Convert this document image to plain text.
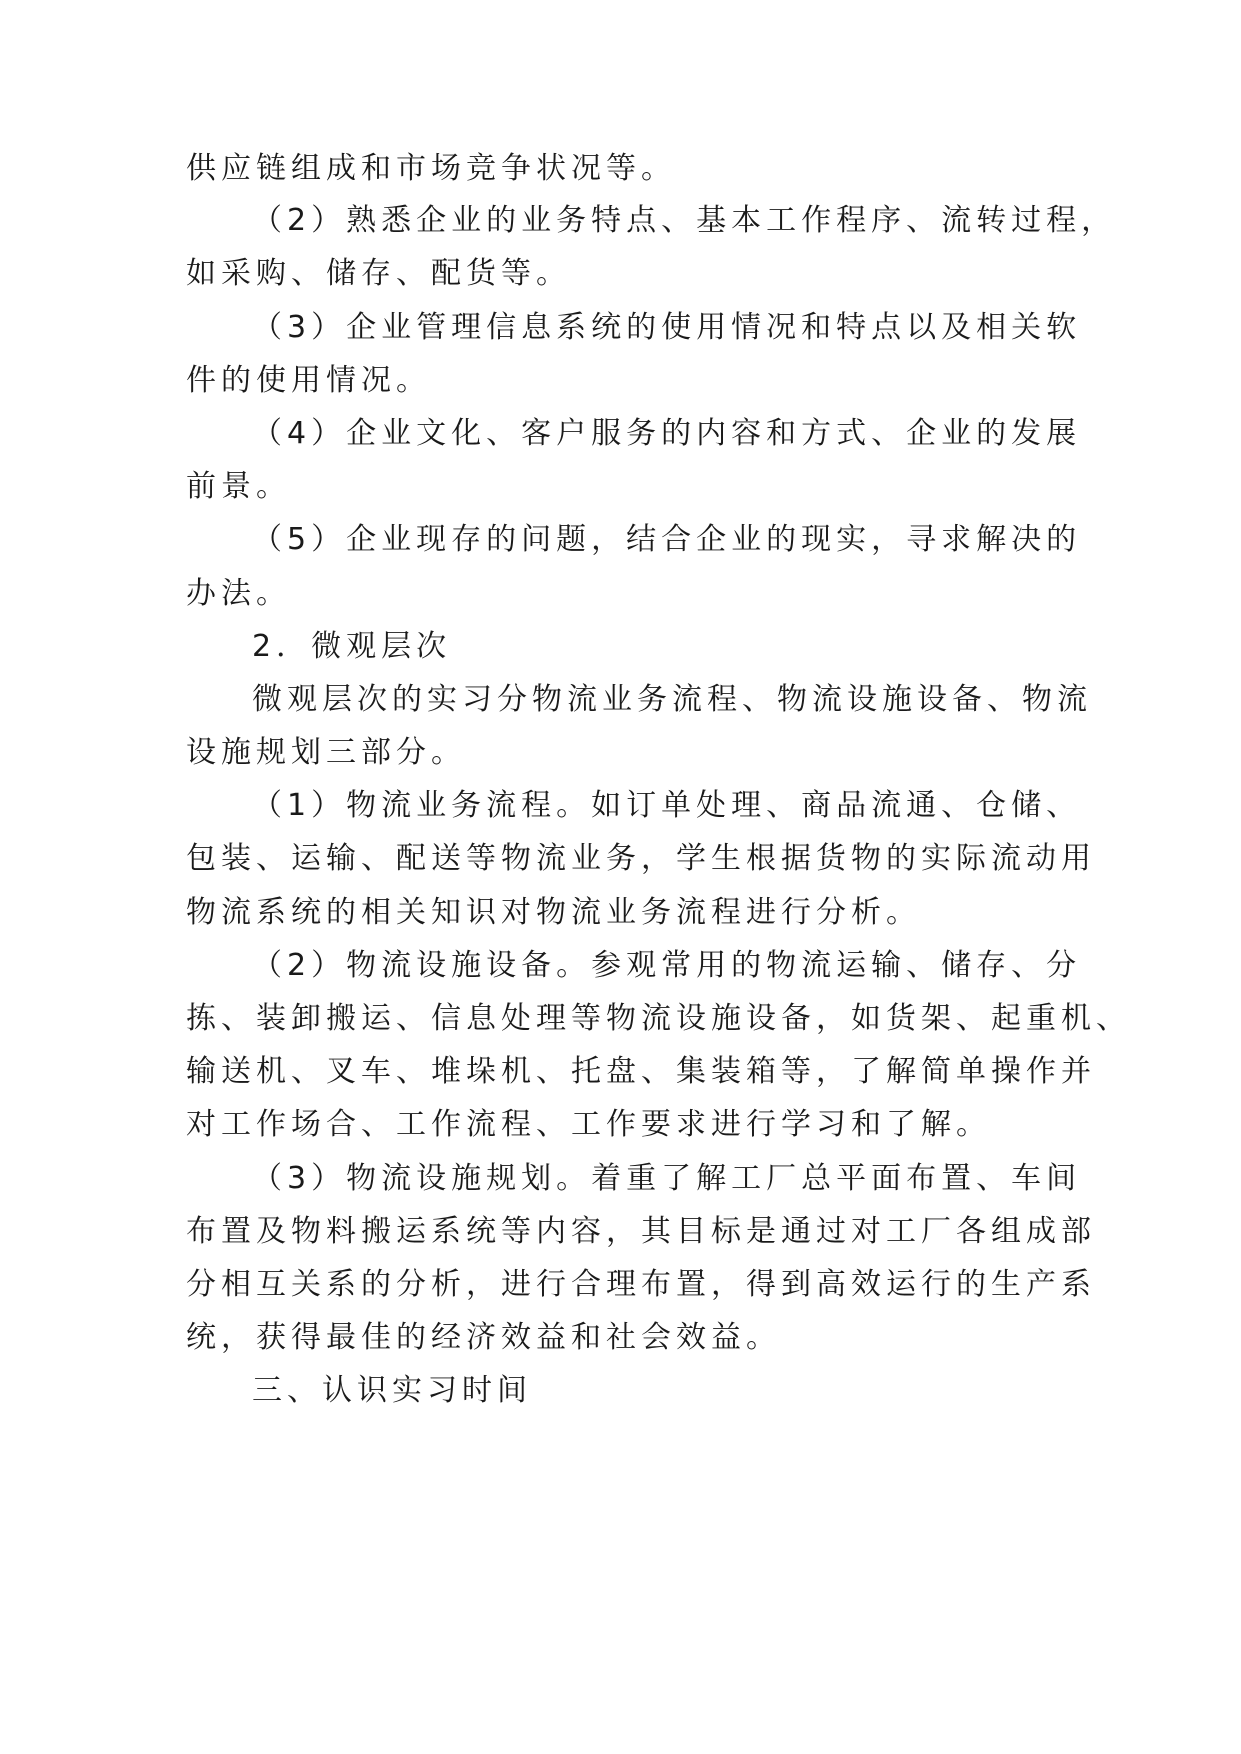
供应链组成和市场竞争状况等。
（2）熟悉企业的业务特点、基本工作程序、流转过程，
如采购、储存、配货等。
（3）企业管理信息系统的使用情况和特点以及相关软
件的使用情况。
（4）企业文化、客户服务的内容和方式、企业的发展
前景。
（5）企业现存的问题，结合企业的现实，寻求解决的
办法。
2．微观层次
微观层次的实习分物流业务流程、物流设施设备、物流
设施规划三部分。
（1）物流业务流程。如订单处理、商品流通、仓储、
包装、运输、配送等物流业务，学生根据货物的实际流动用
物流系统的相关知识对物流业务流程进行分析。
（2）物流设施设备。参观常用的物流运输、储存、分
拣、装卸搬运、信息处理等物流设施设备，如货架、起重机、
输送机、叉车、堆垛机、托盘、集装箱等，了解简单操作并
对工作场合、工作流程、工作要求进行学习和了解。
（3）物流设施规划。着重了解工厂总平面布置、车间
布置及物料搬运系统等内容，其目标是通过对工厂各组成部
分相互关系的分析，进行合理布置，得到高效运行的生产系
统，获得最佳的经济效益和社会效益。
三、认识实习时间
